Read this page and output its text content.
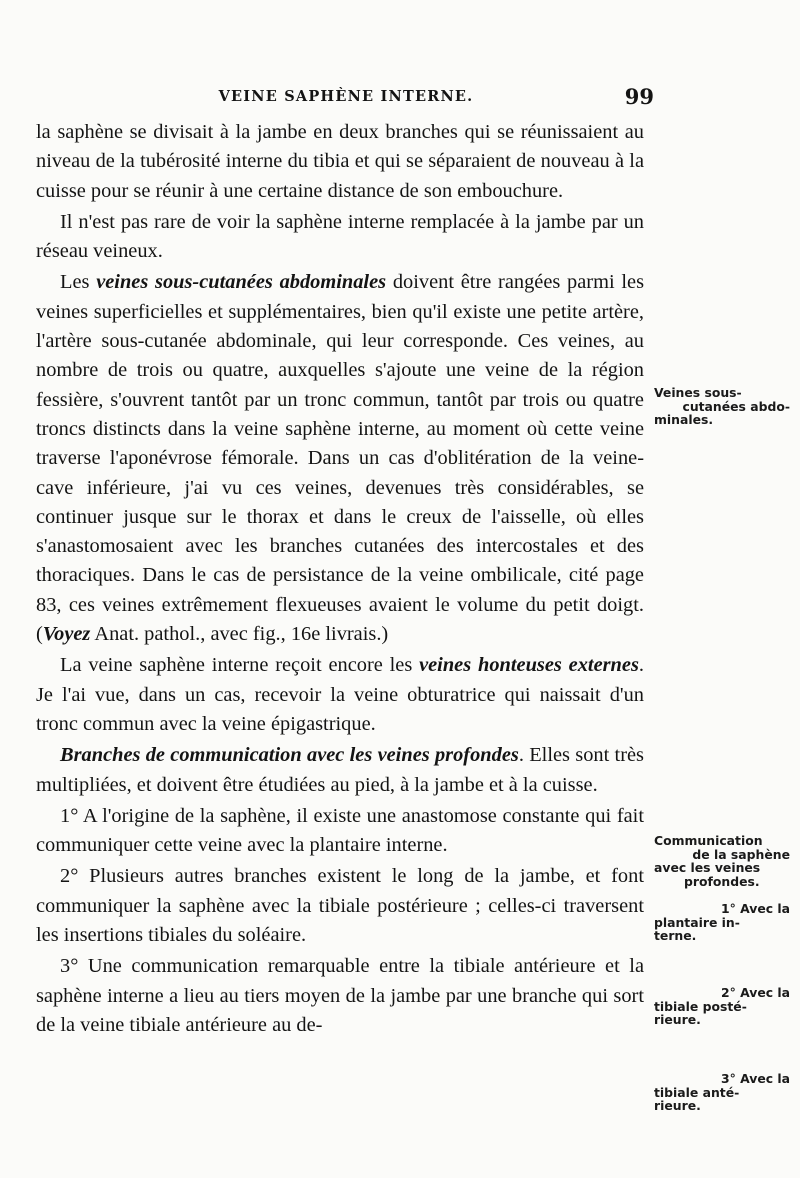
VEINE SAPHÈNE INTERNE.	99

la saphène se divisait à la jambe en deux branches qui se réunissaient au niveau de la tubérosité interne du tibia et qui se séparaient de nouveau à la cuisse pour se réunir à une certaine distance de son embouchure.

Il n'est pas rare de voir la saphène interne remplacée à la jambe par un réseau veineux.

Les veines sous-cutanées abdominales doivent être rangées parmi les veines superficielles et supplémentaires, bien qu'il existe une petite artère, l'artère sous-cutanée abdominale, qui leur corresponde. Ces veines, au nombre de trois ou quatre, auxquelles s'ajoute une veine de la région fessière, s'ouvrent tantôt par un tronc commun, tantôt par trois ou quatre troncs distincts dans la veine saphène interne, au moment où cette veine traverse l'aponévrose fémorale. Dans un cas d'oblitération de la veine-cave inférieure, j'ai vu ces veines, devenues très considérables, se continuer jusque sur le thorax et dans le creux de l'aisselle, où elles s'anastomosaient avec les branches cutanées des intercostales et des thoraciques. Dans le cas de persistance de la veine ombilicale, cité page 83, ces veines extrêmement flexueuses avaient le volume du petit doigt. (Voyez Anat. pathol., avec fig., 16e livrais.)

La veine saphène interne reçoit encore les veines honteuses externes. Je l'ai vue, dans un cas, recevoir la veine obturatrice qui naissait d'un tronc commun avec la veine épigastrique.

Branches de communication avec les veines profondes. Elles sont très multipliées, et doivent être étudiées au pied, à la jambe et à la cuisse.

1° A l'origine de la saphène, il existe une anastomose constante qui fait communiquer cette veine avec la plantaire interne.

2° Plusieurs autres branches existent le long de la jambe, et font communiquer la saphène avec la tibiale postérieure ; celles-ci traversent les insertions tibiales du soléaire.

3° Une communication remarquable entre la tibiale antérieure et la saphène interne a lieu au tiers moyen de la jambe par une branche qui sort de la veine tibiale antérieure au de-

Veines sous-
cutanées abdo-
minales.
Communication
de la saphène
avec les veines
profondes.
1° Avec la
plantaire in-
terne.
2° Avec la
tibiale posté-
rieure.
3° Avec la
tibiale anté-
rieure.
